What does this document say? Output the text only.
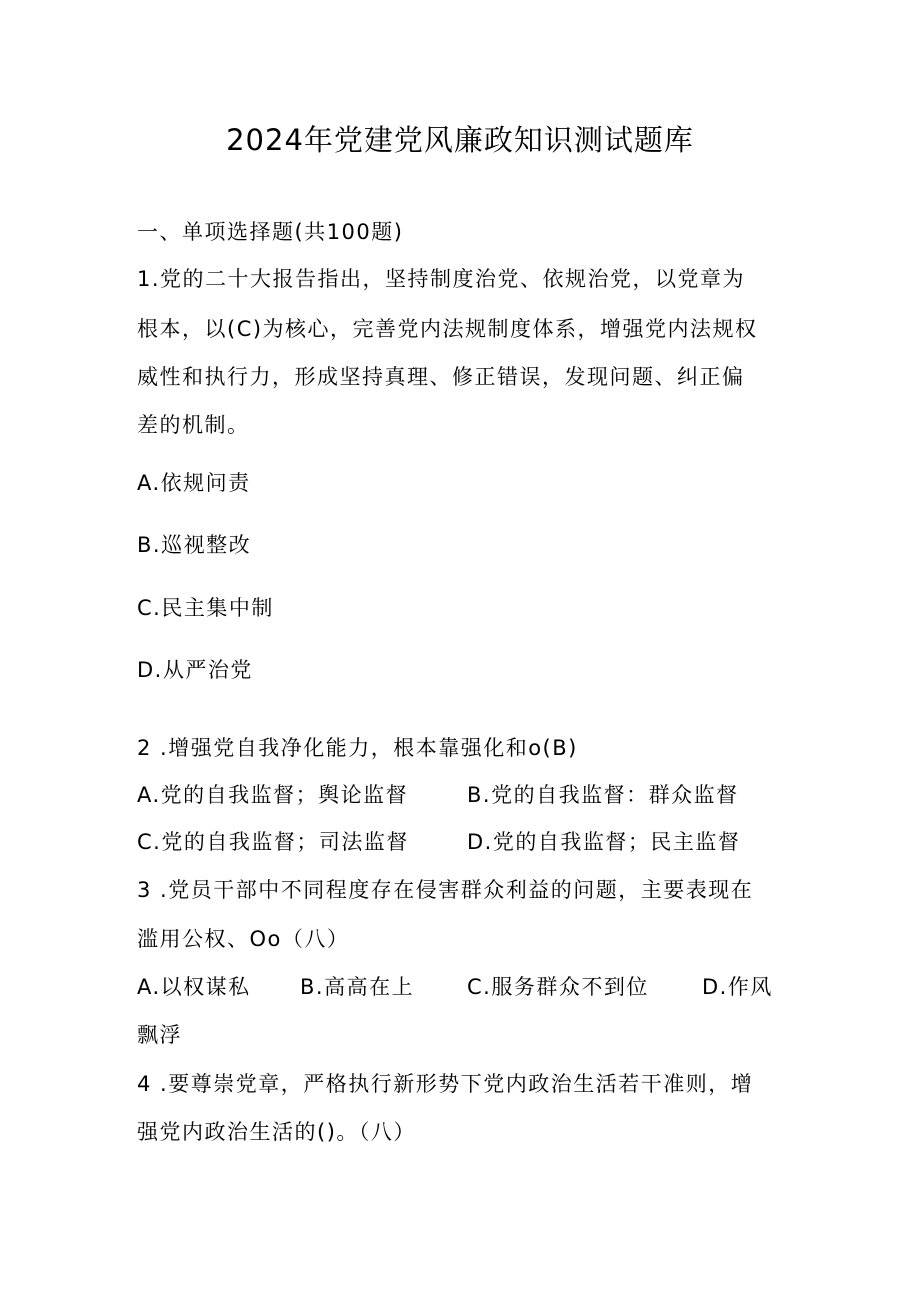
2024年党建党风廉政知识测试题库
一、单项选择题(共100题)
1.党的二十大报告指出，坚持制度治党、依规治党，以党章为
根本，以(C)为核心，完善党内法规制度体系，增强党内法规权
威性和执行力，形成坚持真理、修正错误，发现问题、纠正偏
差的机制。
A.依规问责
B.巡视整改
C.民主集中制
D.从严治党
2 .增强党自我净化能力，根本靠强化和o(B)
A.党的自我监督；舆论监督	B.党的自我监督：群众监督
C.党的自我监督；司法监督	D.党的自我监督；民主监督
3 .党员干部中不同程度存在侵害群众利益的问题，主要表现在
滥用公权、Oo（八）
A.以权谋私 B.高高在上	C.服务群众不到位	D.作风
飘浮
4 .要尊崇党章，严格执行新形势下党内政治生活若干准则，增
强党内政治生活的()。（八）
